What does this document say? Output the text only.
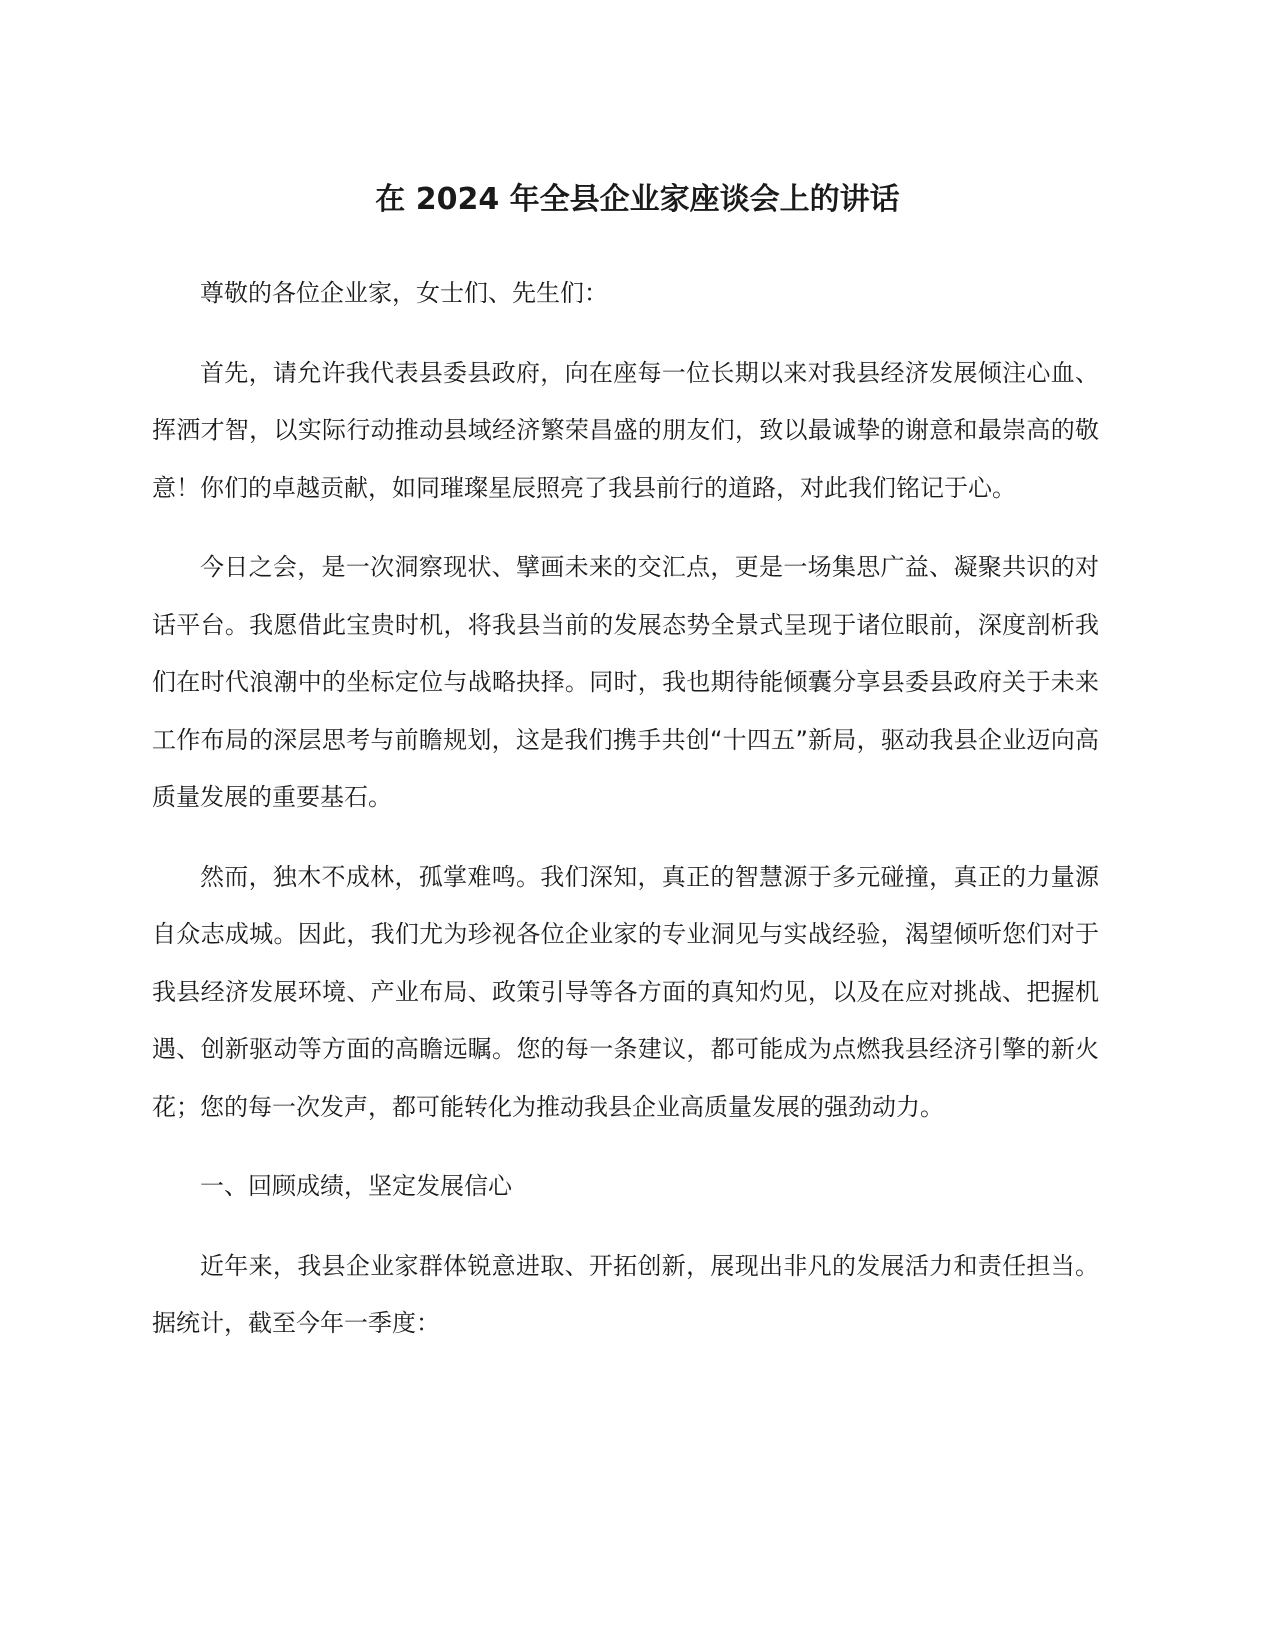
在 2024 年全县企业家座谈会上的讲话

尊敬的各位企业家，女士们、先生们：

首先，请允许我代表县委县政府，向在座每一位长期以来对我县经济发展倾注心血、挥洒才智，以实际行动推动县域经济繁荣昌盛的朋友们，致以最诚挚的谢意和最崇高的敬意！你们的卓越贡献，如同璀璨星辰照亮了我县前行的道路，对此我们铭记于心。

今日之会，是一次洞察现状、擘画未来的交汇点，更是一场集思广益、凝聚共识的对话平台。我愿借此宝贵时机，将我县当前的发展态势全景式呈现于诸位眼前，深度剖析我们在时代浪潮中的坐标定位与战略抉择。同时，我也期待能倾囊分享县委县政府关于未来工作布局的深层思考与前瞻规划，这是我们携手共创“十四五”新局，驱动我县企业迈向高质量发展的重要基石。

然而，独木不成林，孤掌难鸣。我们深知，真正的智慧源于多元碰撞，真正的力量源自众志成城。因此，我们尤为珍视各位企业家的专业洞见与实战经验，渴望倾听您们对于我县经济发展环境、产业布局、政策引导等各方面的真知灼见，以及在应对挑战、把握机遇、创新驱动等方面的高瞻远瞩。您的每一条建议，都可能成为点燃我县经济引擎的新火花；您的每一次发声，都可能转化为推动我县企业高质量发展的强劲动力。

一、回顾成绩，坚定发展信心

近年来，我县企业家群体锐意进取、开拓创新，展现出非凡的发展活力和责任担当。据统计，截至今年一季度：
